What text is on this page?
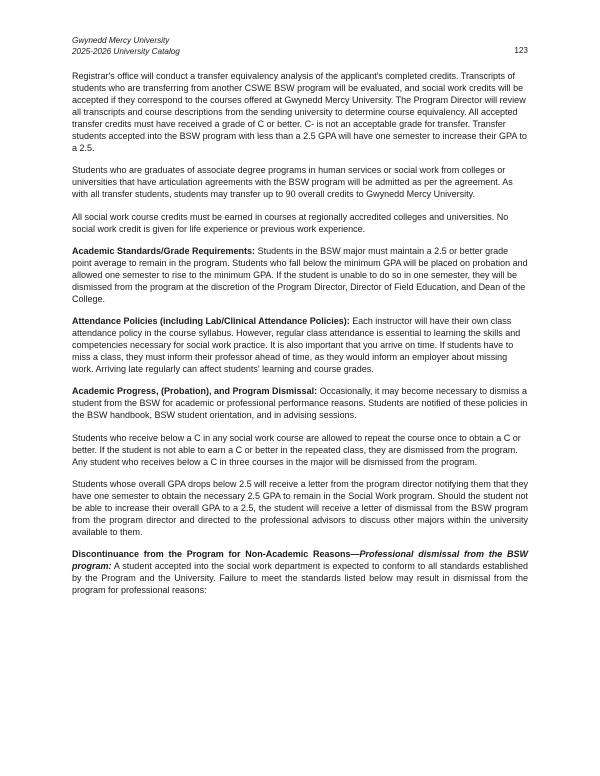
Gwynedd Mercy University
2025-2026 University Catalog	123

Registrar's office will conduct a transfer equivalency analysis of the applicant's completed credits. Transcripts of students who are transferring from another CSWE BSW program will be evaluated, and social work credits will be accepted if they correspond to the courses offered at Gwynedd Mercy University. The Program Director will review all transcripts and course descriptions from the sending university to determine course equivalency. All accepted transfer credits must have received a grade of C or better. C- is not an acceptable grade for transfer. Transfer students accepted into the BSW program with less than a 2.5 GPA will have one semester to increase their GPA to a 2.5.

Students who are graduates of associate degree programs in human services or social work from colleges or universities that have articulation agreements with the BSW program will be admitted as per the agreement. As with all transfer students, students may transfer up to 90 overall credits to Gwynedd Mercy University.

All social work course credits must be earned in courses at regionally accredited colleges and universities. No social work credit is given for life experience or previous work experience.

Academic Standards/Grade Requirements: Students in the BSW major must maintain a 2.5 or better grade point average to remain in the program. Students who fall below the minimum GPA will be placed on probation and allowed one semester to rise to the minimum GPA. If the student is unable to do so in one semester, they will be dismissed from the program at the discretion of the Program Director, Director of Field Education, and Dean of the College.

Attendance Policies (including Lab/Clinical Attendance Policies): Each instructor will have their own class attendance policy in the course syllabus. However, regular class attendance is essential to learning the skills and competencies necessary for social work practice. It is also important that you arrive on time. If students have to miss a class, they must inform their professor ahead of time, as they would inform an employer about missing work. Arriving late regularly can affect students' learning and course grades.

Academic Progress, (Probation), and Program Dismissal: Occasionally, it may become necessary to dismiss a student from the BSW for academic or professional performance reasons. Students are notified of these policies in the BSW handbook, BSW student orientation, and in advising sessions.

Students who receive below a C in any social work course are allowed to repeat the course once to obtain a C or better. If the student is not able to earn a C or better in the repeated class, they are dismissed from the program. Any student who receives below a C in three courses in the major will be dismissed from the program.

Students whose overall GPA drops below 2.5 will receive a letter from the program director notifying them that they have one semester to obtain the necessary 2.5 GPA to remain in the Social Work program. Should the student not be able to increase their overall GPA to a 2.5, the student will receive a letter of dismissal from the BSW program from the program director and directed to the professional advisors to discuss other majors within the university available to them.

Discontinuance from the Program for Non-Academic Reasons—Professional dismissal from the BSW program: A student accepted into the social work department is expected to conform to all standards established by the Program and the University. Failure to meet the standards listed below may result in dismissal from the program for professional reasons:
